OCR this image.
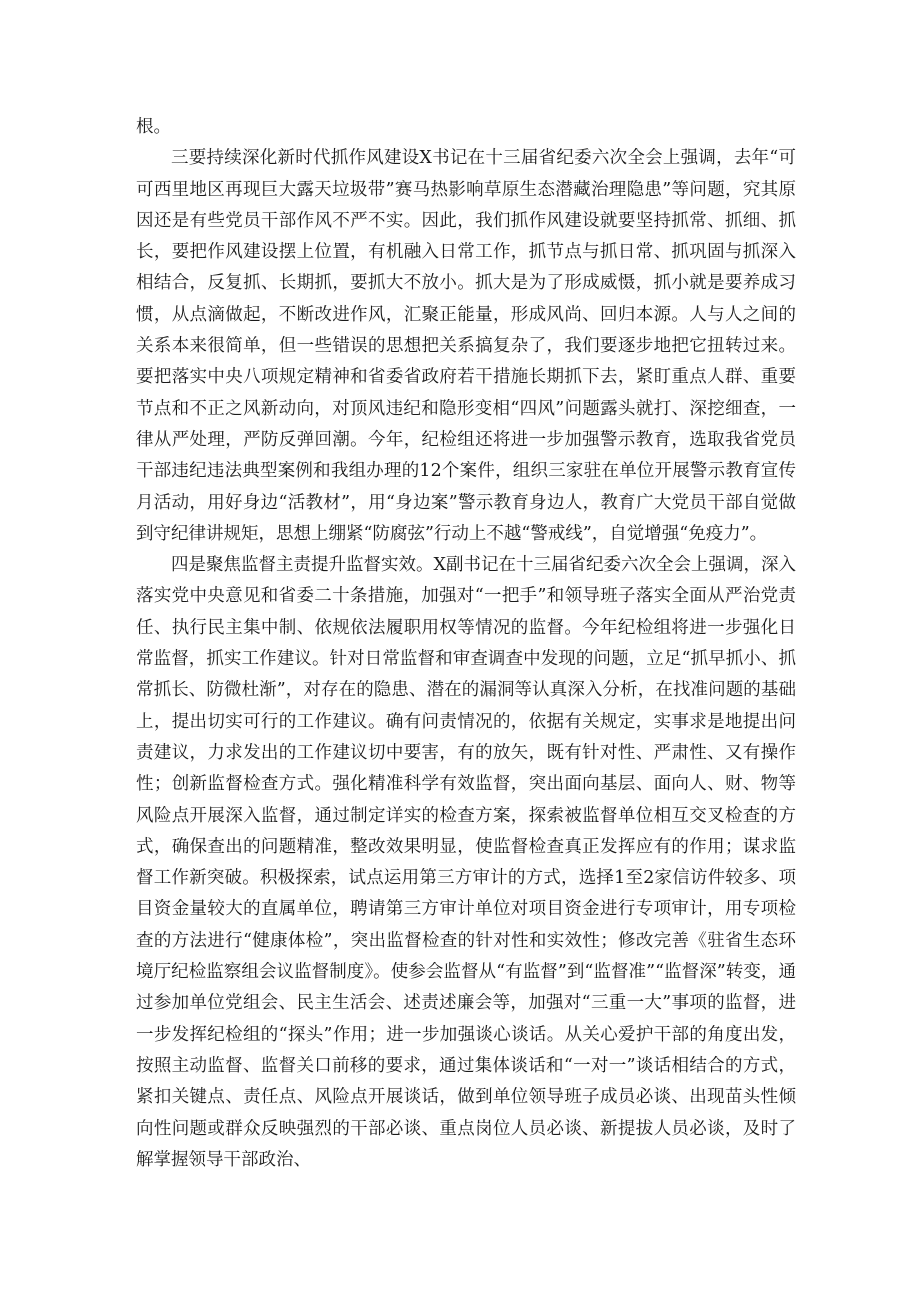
根。

三要持续深化新时代抓作风建设X书记在十三届省纪委六次全会上强调，去年“可可西里地区再现巨大露天垃圾带”赛马热影响草原生态潜藏治理隐患”等问题，究其原因还是有些党员干部作风不严不实。因此，我们抓作风建设就要坚持抓常、抓细、抓长，要把作风建设摆上位置，有机融入日常工作，抓节点与抓日常、抓巩固与抓深入相结合，反复抓、长期抓，要抓大不放小。抓大是为了形成威慑，抓小就是要养成习惯，从点滴做起，不断改进作风，汇聚正能量，形成风尚、回归本源。人与人之间的关系本来很简单，但一些错误的思想把关系搞复杂了，我们要逐步地把它扭转过来。要把落实中央八项规定精神和省委省政府若干措施长期抓下去，紧盯重点人群、重要节点和不正之风新动向，对顶风违纪和隐形变相“四风”问题露头就打、深挖细查，一律从严处理，严防反弹回潮。今年，纪检组还将进一步加强警示教育，选取我省党员干部违纪违法典型案例和我组办理的12个案件，组织三家驻在单位开展警示教育宣传月活动，用好身边“活教材”，用“身边案”警示教育身边人，教育广大党员干部自觉做到守纪律讲规矩，思想上绷紧“防腐弦”行动上不越“警戒线”，自觉增强“免疫力”。

四是聚焦监督主责提升监督实效。X副书记在十三届省纪委六次全会上强调，深入落实党中央意见和省委二十条措施，加强对“一把手”和领导班子落实全面从严治党责任、执行民主集中制、依规依法履职用权等情况的监督。今年纪检组将进一步强化日常监督，抓实工作建议。针对日常监督和审查调查中发现的问题，立足“抓早抓小、抓常抓长、防微杜渐”，对存在的隐患、潜在的漏洞等认真深入分析，在找准问题的基础上，提出切实可行的工作建议。确有问责情况的，依据有关规定，实事求是地提出问责建议，力求发出的工作建议切中要害，有的放矢，既有针对性、严肃性、又有操作性；创新监督检查方式。强化精准科学有效监督，突出面向基层、面向人、财、物等风险点开展深入监督，通过制定详实的检查方案，探索被监督单位相互交叉检查的方式，确保查出的问题精准，整改效果明显，使监督检查真正发挥应有的作用；谋求监督工作新突破。积极探索，试点运用第三方审计的方式，选择1至2家信访件较多、项目资金量较大的直属单位，聘请第三方审计单位对项目资金进行专项审计，用专项检查的方法进行“健康体检”，突出监督检查的针对性和实效性；修改完善《驻省生态环境厅纪检监察组会议监督制度》。使参会监督从“有监督”到“监督准”“监督深”转变，通过参加单位党组会、民主生活会、述责述廉会等，加强对“三重一大”事项的监督，进一步发挥纪检组的“探头”作用；进一步加强谈心谈话。从关心爱护干部的角度出发，按照主动监督、监督关口前移的要求，通过集体谈话和“一对一”谈话相结合的方式，紧扣关键点、责任点、风险点开展谈话，做到单位领导班子成员必谈、出现苗头性倾向性问题或群众反映强烈的干部必谈、重点岗位人员必谈、新提拔人员必谈，及时了解掌握领导干部政治、
